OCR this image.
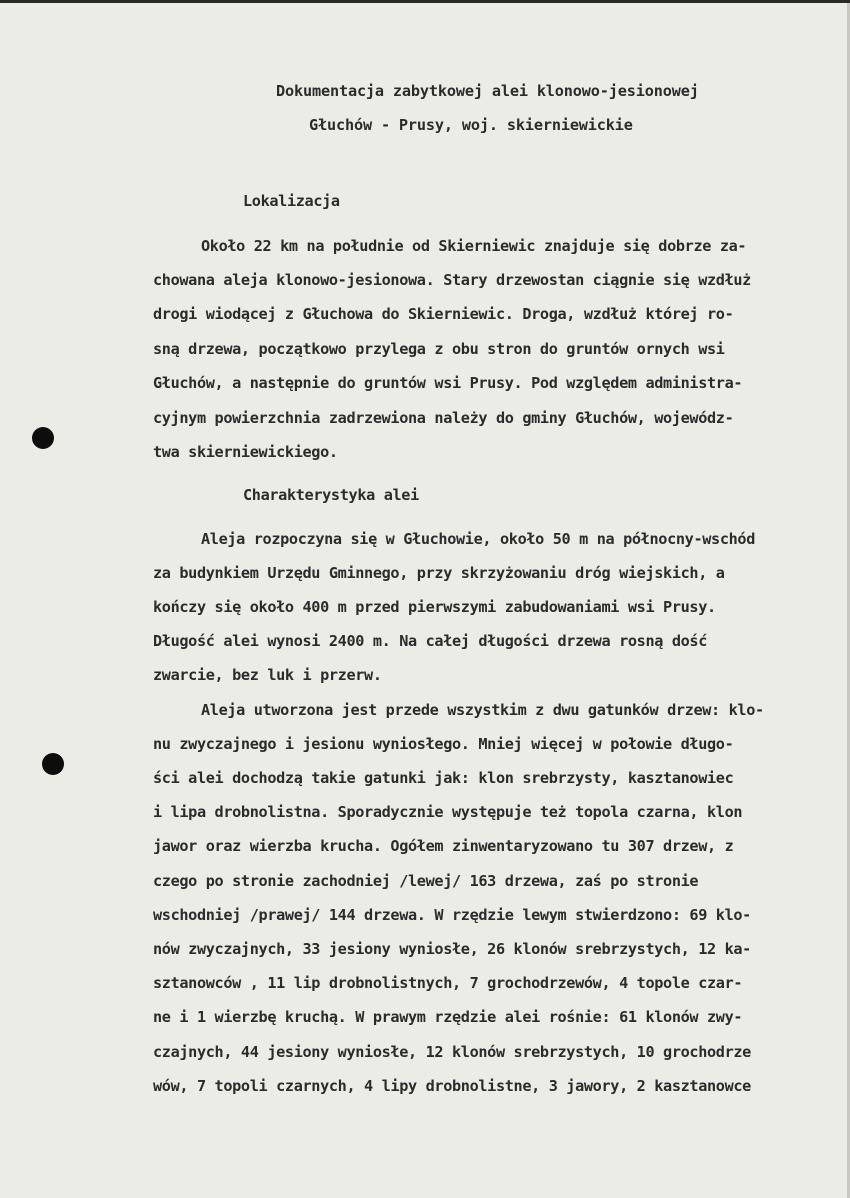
Dokumentacja zabytkowej alei klonowo-jesionowej

Głuchów - Prusy, woj. skierniewickie

Lokalizacja

Około 22 km na południe od Skierniewic znajduje się dobrze za-

chowana aleja klonowo-jesionowa. Stary drzewostan ciągnie się wzdłuż

drogi wiodącej z Głuchowa do Skierniewic. Droga, wzdłuż której ro-

sną drzewa, początkowo przylega z obu stron do gruntów ornych wsi

Głuchów, a następnie do gruntów wsi Prusy. Pod względem administra-

cyjnym powierzchnia zadrzewiona należy do gminy Głuchów, wojewódz-

twa skierniewickiego.

Charakterystyka alei

Aleja rozpoczyna się w Głuchowie, około 50 m na północny-wschód

za budynkiem Urzędu Gminnego, przy skrzyżowaniu dróg wiejskich, a

kończy się około 400 m przed pierwszymi zabudowaniami wsi Prusy.

Długość alei wynosi 2400 m. Na całej długości drzewa rosną dość

zwarcie, bez luk i przerw.

Aleja utworzona jest przede wszystkim z dwu gatunków drzew: klo-

nu zwyczajnego i jesionu wyniosłego. Mniej więcej w połowie długo-

ści alei dochodzą takie gatunki jak: klon srebrzysty, kasztanowiec

i lipa drobnolistna. Sporadycznie występuje też topola czarna, klon

jawor oraz wierzba krucha. Ogółem zinwentaryzowano tu 307 drzew, z

czego po stronie zachodniej /lewej/ 163 drzewa, zaś po stronie

wschodniej /prawej/ 144 drzewa. W rzędzie lewym stwierdzono: 69 klo-

nów zwyczajnych, 33 jesiony wyniosłe, 26 klonów srebrzystych, 12 ka-

sztanowców , 11 lip drobnolistnych, 7 grochodrzewów, 4 topole czar-

ne i 1 wierzbę kruchą. W prawym rzędzie alei rośnie: 61 klonów zwy-

czajnych, 44 jesiony wyniosłe, 12 klonów srebrzystych, 10 grochodrze

wów, 7 topoli czarnych, 4 lipy drobnolistne, 3 jawory, 2 kasztanowce
